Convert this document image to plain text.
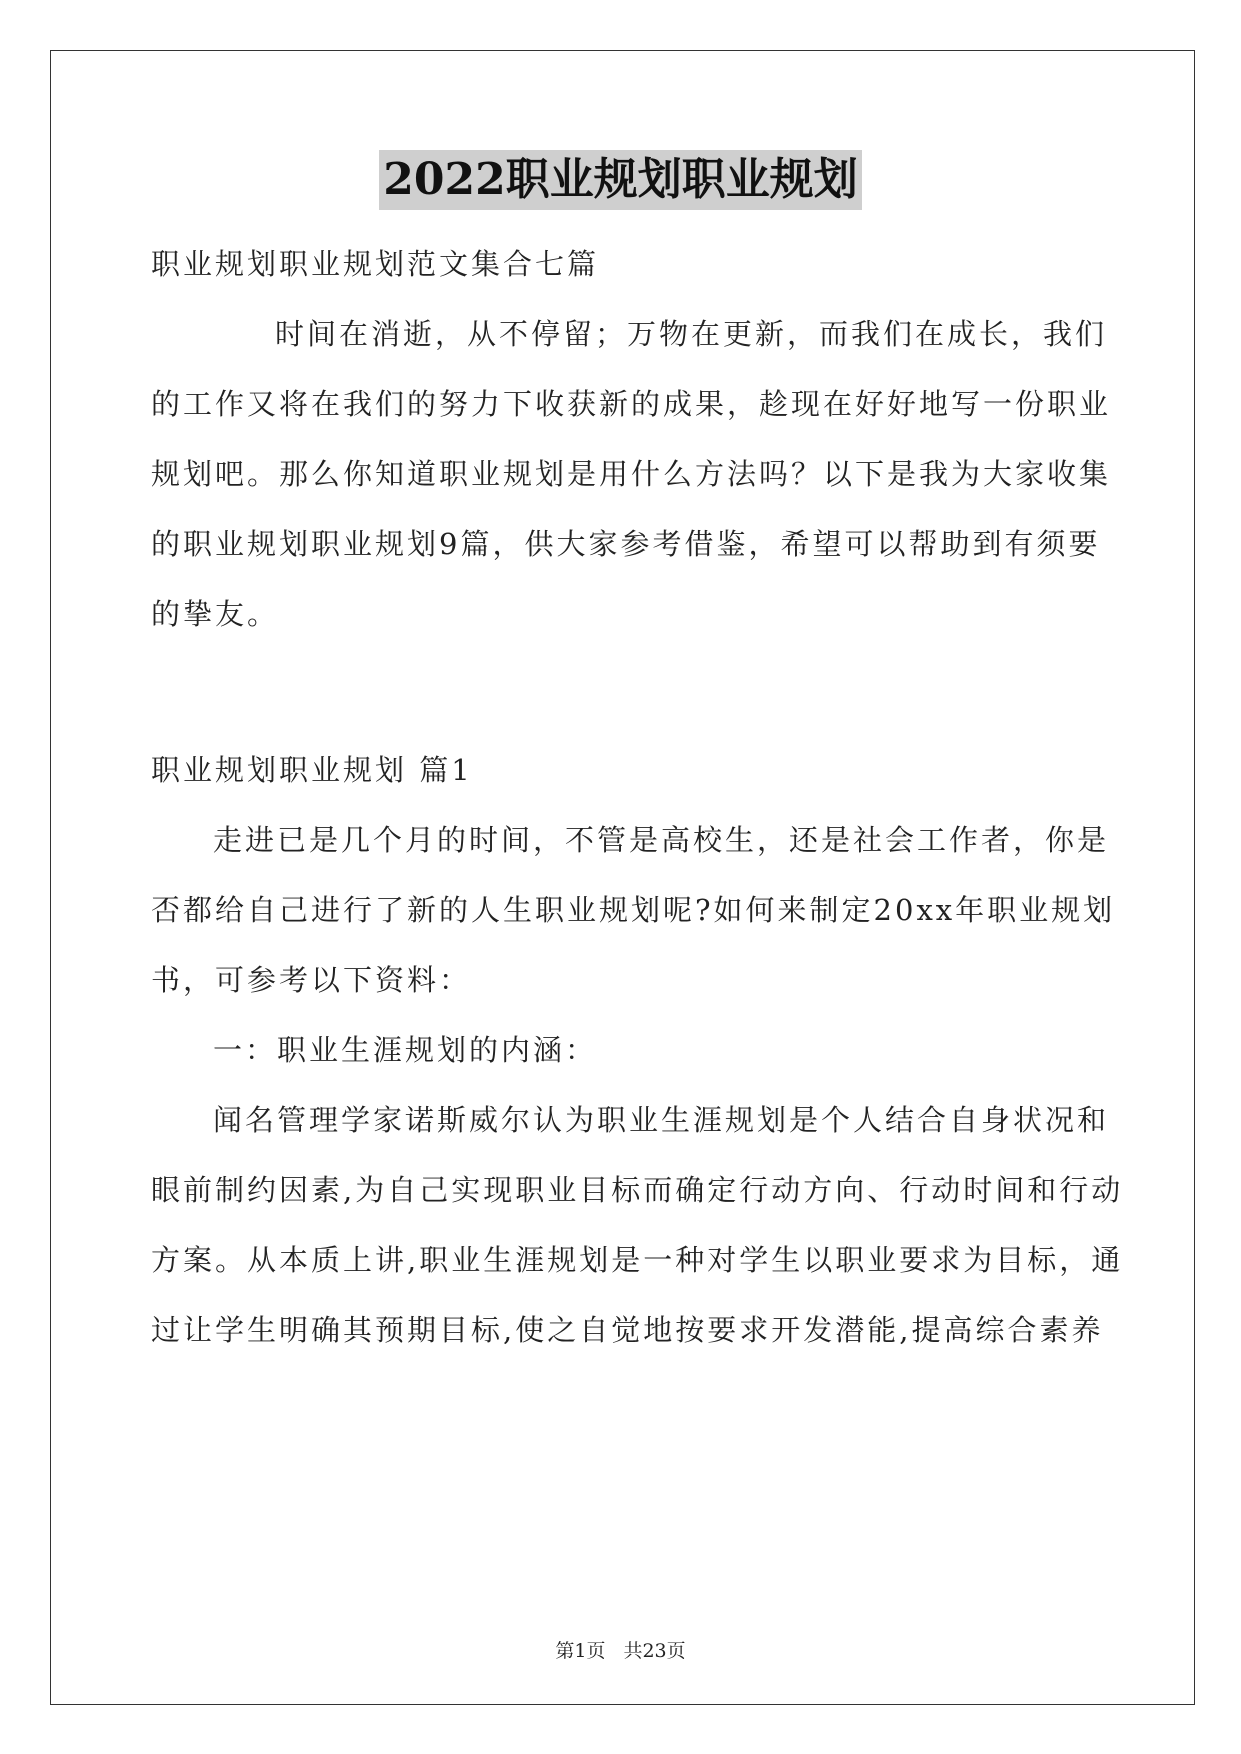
2022职业规划职业规划
职业规划职业规划范文集合七篇
时间在消逝，从不停留；万物在更新，而我们在成长，我们
的工作又将在我们的努力下收获新的成果，趁现在好好地写一份职业
规划吧。那么你知道职业规划是用什么方法吗？以下是我为大家收集
的职业规划职业规划9篇，供大家参考借鉴，希望可以帮助到有须要
的挚友。
职业规划职业规划 篇1
走进已是几个月的时间，不管是高校生，还是社会工作者，你是
否都给自己进行了新的人生职业规划呢?如何来制定20xx年职业规划
书，可参考以下资料：
一：职业生涯规划的内涵：
闻名管理学家诺斯威尔认为职业生涯规划是个人结合自身状况和
眼前制约因素,为自己实现职业目标而确定行动方向、行动时间和行动
方案。从本质上讲,职业生涯规划是一种对学生以职业要求为目标，通
过让学生明确其预期目标,使之自觉地按要求开发潜能,提高综合素养
第1页 共23页
